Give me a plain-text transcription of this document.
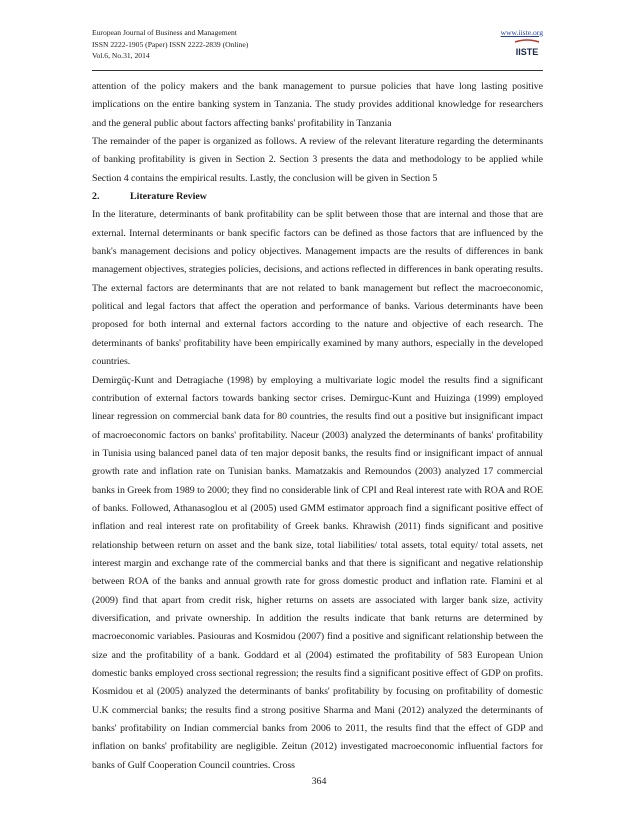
European Journal of Business and Management
ISSN 2222-1905 (Paper) ISSN 2222-2839 (Online)
Vol.6, No.31, 2014
www.iiste.org
IISTE

attention of the policy makers and the bank management to pursue policies that have long lasting positive implications on the entire banking system in Tanzania. The study provides additional knowledge for researchers and the general public about factors affecting banks' profitability in Tanzania

The remainder of the paper is organized as follows. A review of the relevant literature regarding the determinants of banking profitability is given in Section 2. Section 3 presents the data and methodology to be applied while Section 4 contains the empirical results. Lastly, the conclusion will be given in Section 5

2.	Literature Review

In the literature, determinants of bank profitability can be split between those that are internal and those that are external. Internal determinants or bank specific factors can be defined as those factors that are influenced by the bank's management decisions and policy objectives. Management impacts are the results of differences in bank management objectives, strategies policies, decisions, and actions reflected in differences in bank operating results. The external factors are determinants that are not related to bank management but reflect the macroeconomic, political and legal factors that affect the operation and performance of banks. Various determinants have been proposed for both internal and external factors according to the nature and objective of each research. The determinants of banks' profitability have been empirically examined by many authors, especially in the developed countries.

Demirgüç-Kunt and Detragiache (1998) by employing a multivariate logic model the results find a significant contribution of external factors towards banking sector crises. Demirguc-Kunt and Huizinga (1999) employed linear regression on commercial bank data for 80 countries, the results find out a positive but insignificant impact of macroeconomic factors on banks' profitability. Naceur (2003) analyzed the determinants of banks' profitability in Tunisia using balanced panel data of ten major deposit banks, the results find or insignificant impact of annual growth rate and inflation rate on Tunisian banks. Mamatzakis and Remoundos (2003) analyzed 17 commercial banks in Greek from 1989 to 2000; they find no considerable link of CPI and Real interest rate with ROA and ROE of banks. Followed, Athanasoglou et al (2005) used GMM estimator approach find a significant positive effect of inflation and real interest rate on profitability of Greek banks. Khrawish (2011) finds significant and positive relationship between return on asset and the bank size, total liabilities/ total assets, total equity/ total assets, net interest margin and exchange rate of the commercial banks and that there is significant and negative relationship between ROA of the banks and annual growth rate for gross domestic product and inflation rate. Flamini et al (2009) find that apart from credit risk, higher returns on assets are associated with larger bank size, activity diversification, and private ownership. In addition the results indicate that bank returns are determined by macroeconomic variables. Pasiouras and Kosmidou (2007) find a positive and significant relationship between the size and the profitability of a bank. Goddard et al (2004) estimated the profitability of 583 European Union domestic banks employed cross sectional regression; the results find a significant positive effect of GDP on profits. Kosmidou et al (2005) analyzed the determinants of banks' profitability by focusing on profitability of domestic U.K commercial banks; the results find a strong positive Sharma and Mani (2012) analyzed the determinants of banks' profitability on Indian commercial banks from 2006 to 2011, the results find that the effect of GDP and inflation on banks' profitability are negligible. Zeitun (2012) investigated macroeconomic influential factors for banks of Gulf Cooperation Council countries. Cross

364
